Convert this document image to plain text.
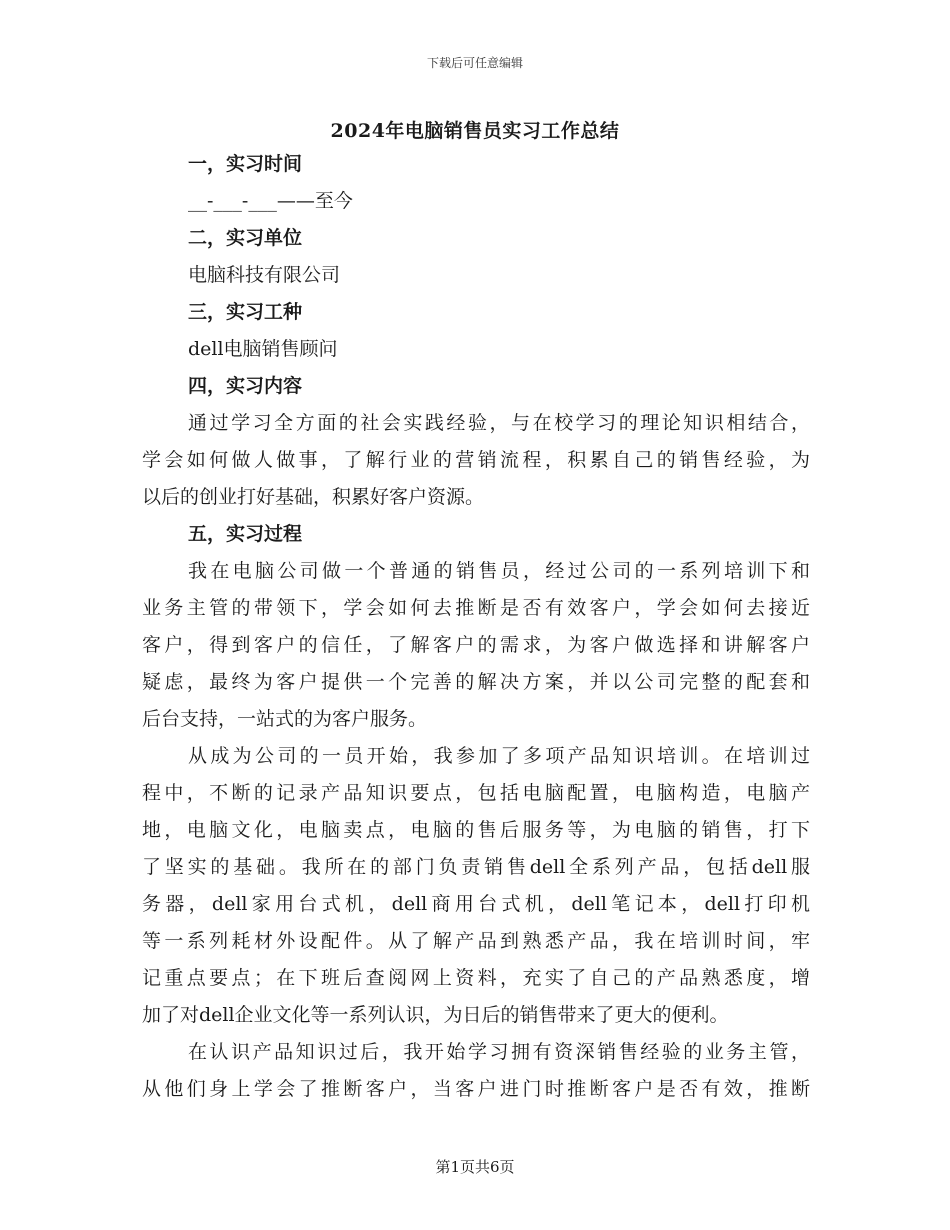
下载后可任意编辑
2024年电脑销售员实习工作总结
一，实习时间
__-___-___——至今
二，实习单位
电脑科技有限公司
三，实习工种
dell电脑销售顾问
四，实习内容
通过学习全方面的社会实践经验，与在校学习的理论知识相结合，
学会如何做人做事，了解行业的营销流程，积累自己的销售经验，为
以后的创业打好基础，积累好客户资源。
五，实习过程
我在电脑公司做一个普通的销售员，经过公司的一系列培训下和
业务主管的带领下，学会如何去推断是否有效客户，学会如何去接近
客户，得到客户的信任，了解客户的需求，为客户做选择和讲解客户
疑虑，最终为客户提供一个完善的解决方案，并以公司完整的配套和
后台支持，一站式的为客户服务。
从成为公司的一员开始，我参加了多项产品知识培训。在培训过
程中，不断的记录产品知识要点，包括电脑配置，电脑构造，电脑产
地，电脑文化，电脑卖点，电脑的售后服务等，为电脑的销售，打下
了坚实的基础。我所在的部门负责销售dell全系列产品，包括dell服
务器，dell家用台式机，dell商用台式机，dell笔记本，dell打印机
等一系列耗材外设配件。从了解产品到熟悉产品，我在培训时间，牢
记重点要点；在下班后查阅网上资料，充实了自己的产品熟悉度，增
加了对dell企业文化等一系列认识，为日后的销售带来了更大的便利。
在认识产品知识过后，我开始学习拥有资深销售经验的业务主管，
从他们身上学会了推断客户，当客户进门时推断客户是否有效，推断
第1页共6页
